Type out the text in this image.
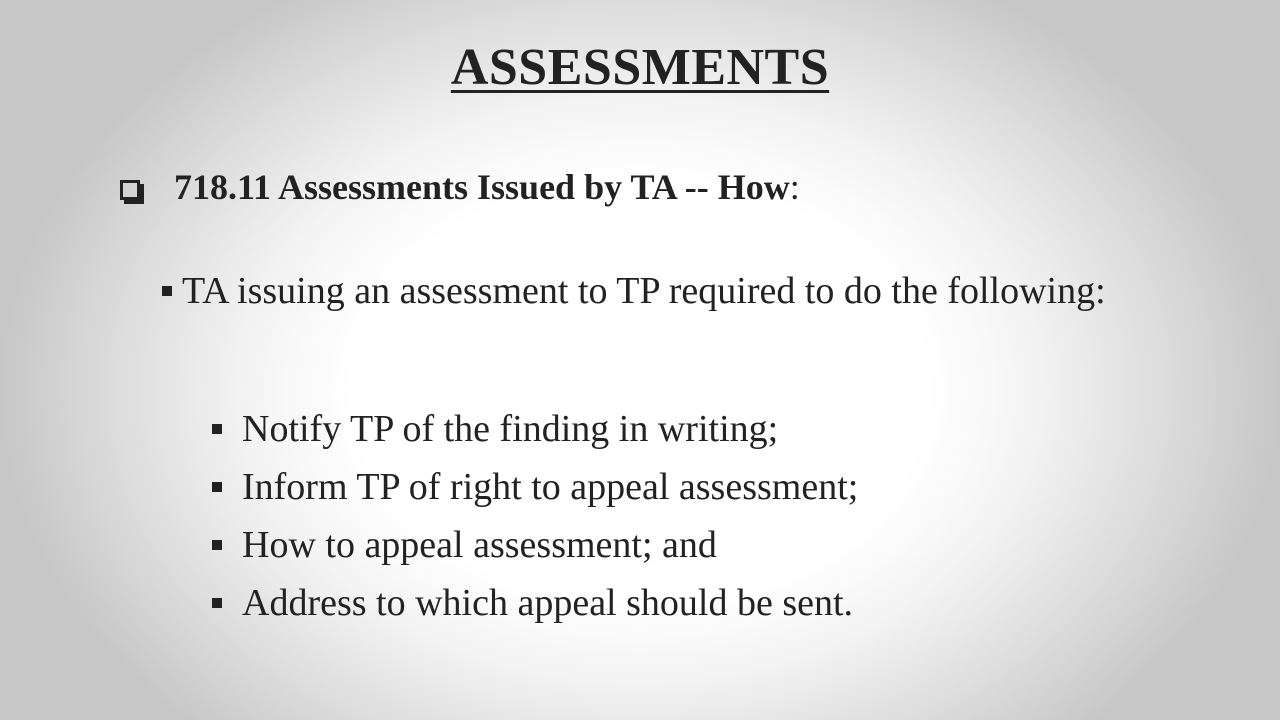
ASSESSMENTS
718.11 Assessments Issued by TA -- How:
TA issuing an assessment to TP required to do the following:
Notify TP of the finding in writing;
Inform TP of right to appeal assessment;
How to appeal assessment; and
Address to which appeal should be sent.
